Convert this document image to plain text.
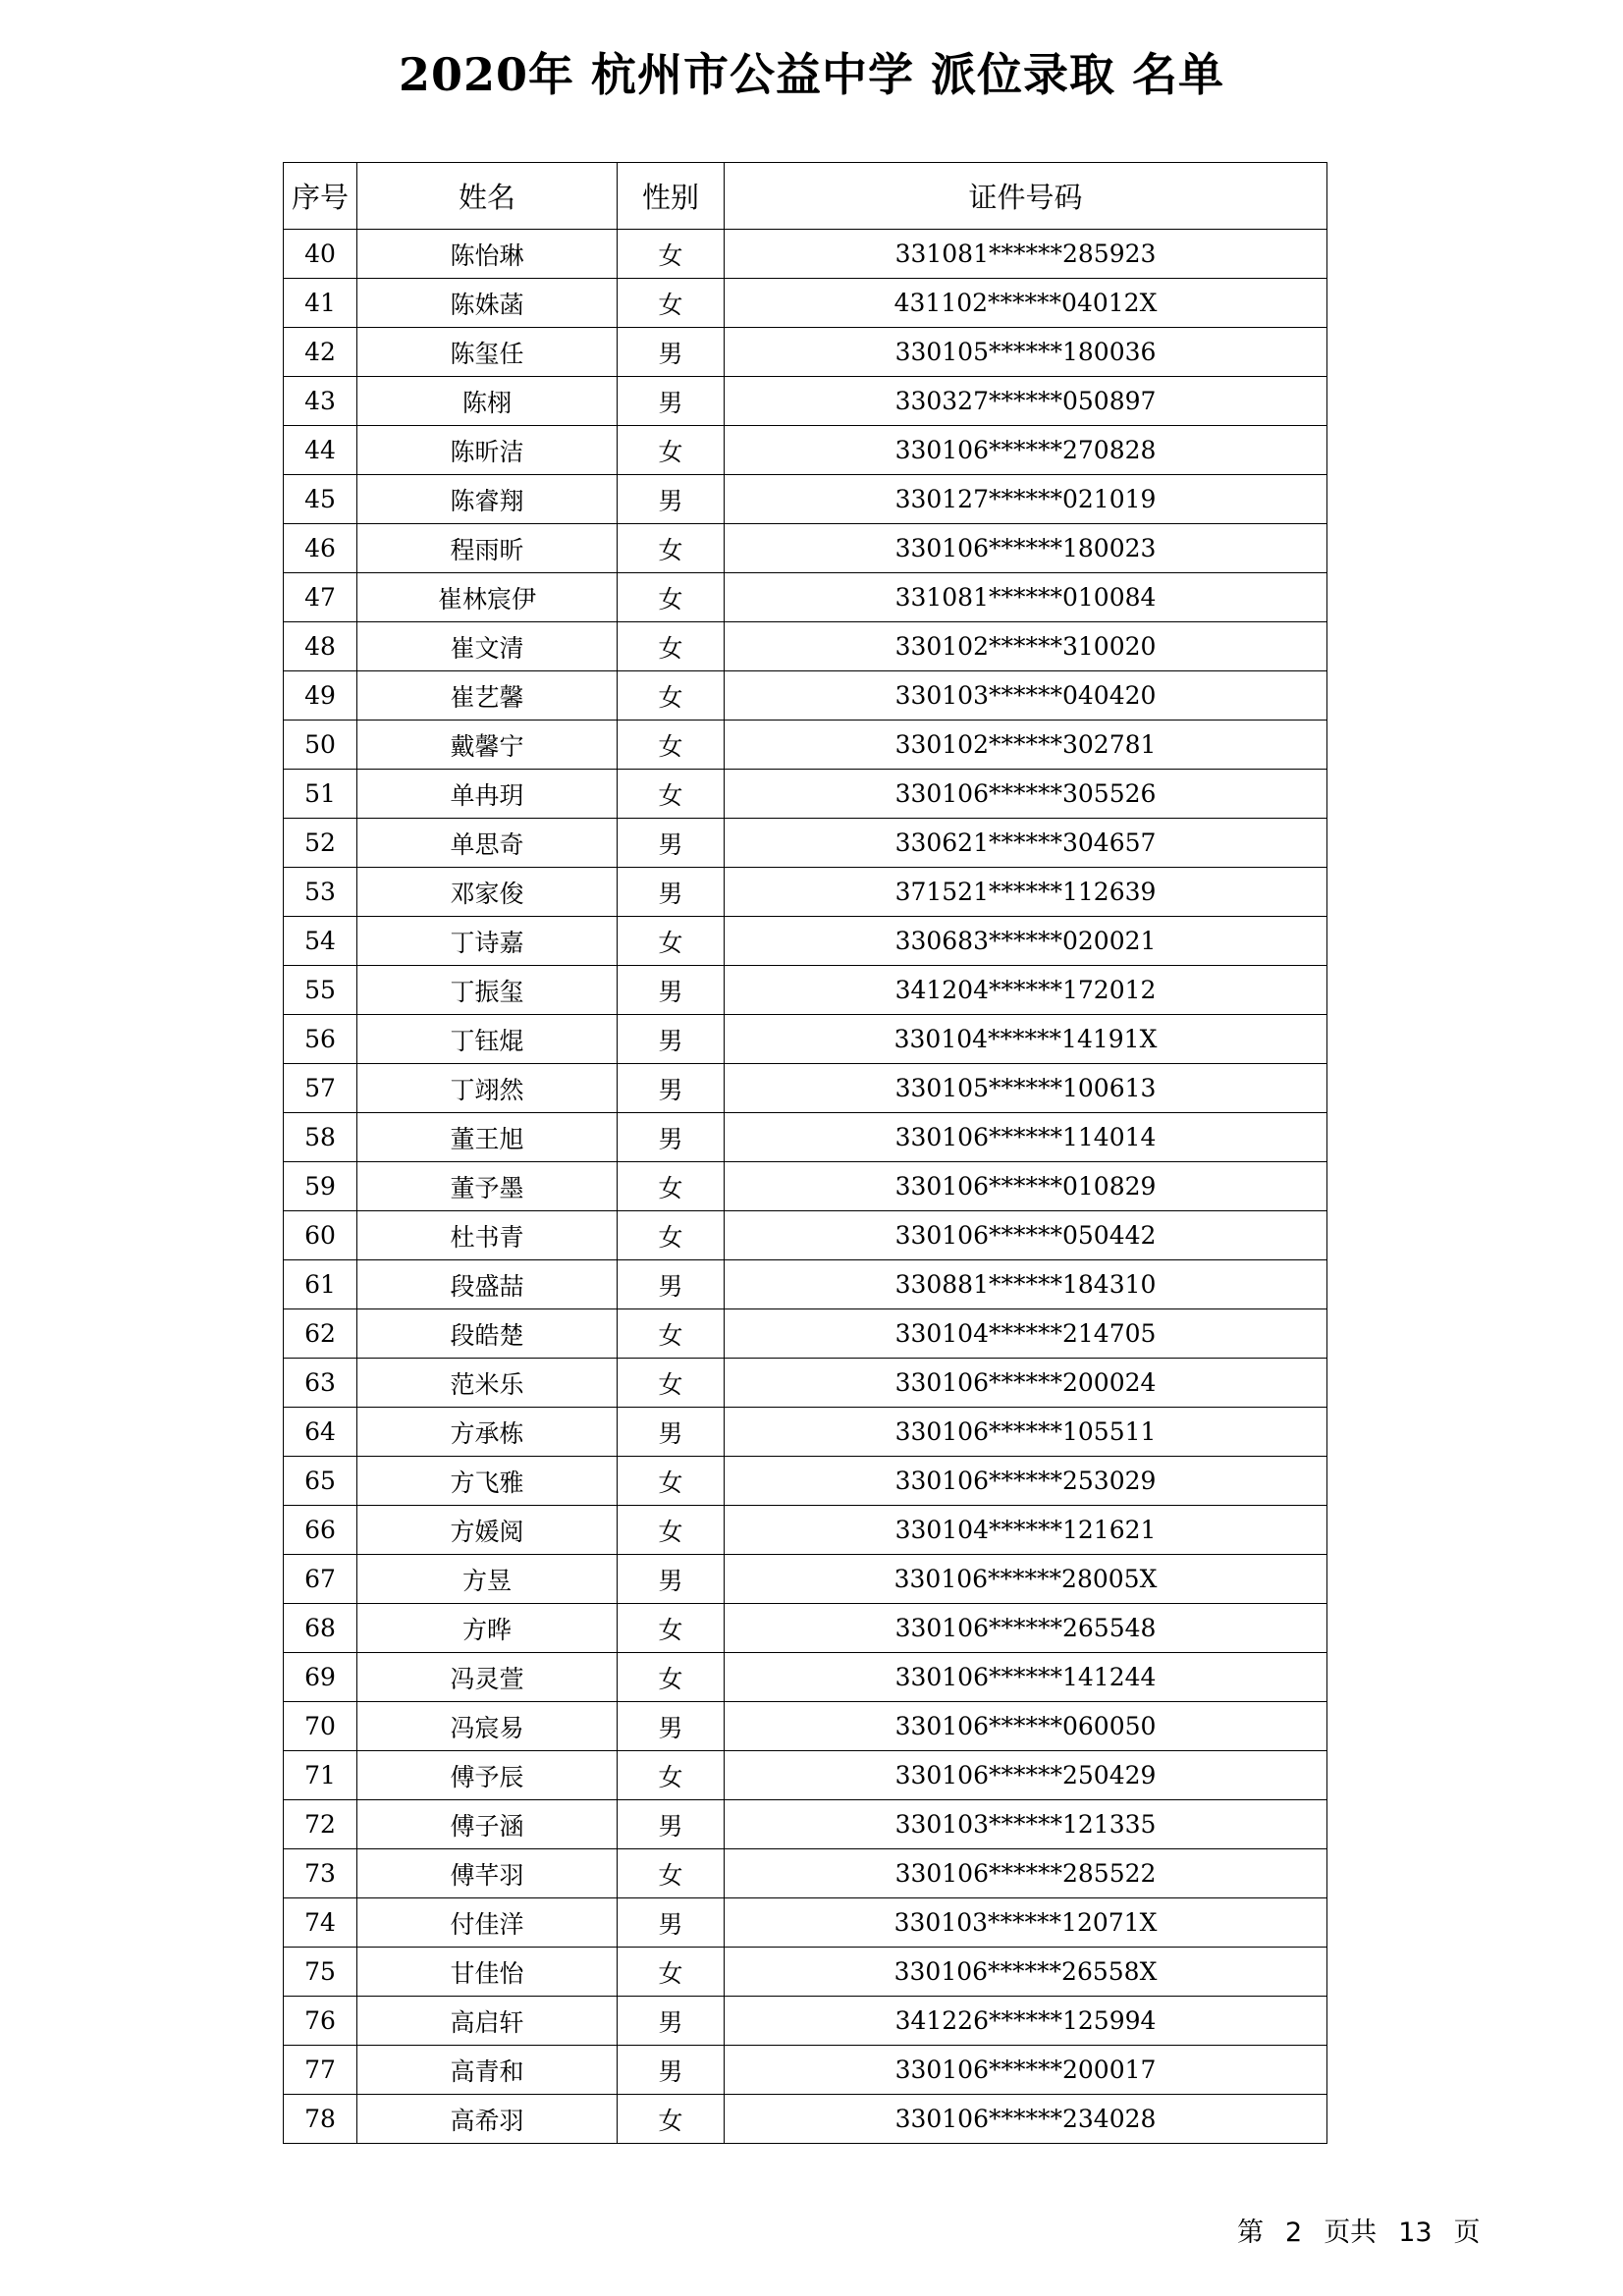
2020年 杭州市公益中学 派位录取 名单
序号	姓名	性别	证件号码
40	陈怡琳	女	331081******285923
41	陈姝菡	女	431102******04012X
42	陈玺任	男	330105******180036
43	陈栩	男	330327******050897
44	陈昕洁	女	330106******270828
45	陈睿翔	男	330127******021019
46	程雨昕	女	330106******180023
47	崔林宸伊	女	331081******010084
48	崔文清	女	330102******310020
49	崔艺馨	女	330103******040420
50	戴馨宁	女	330102******302781
51	单冉玥	女	330106******305526
52	单思奇	男	330621******304657
53	邓家俊	男	371521******112639
54	丁诗嘉	女	330683******020021
55	丁振玺	男	341204******172012
56	丁钰焜	男	330104******14191X
57	丁翊然	男	330105******100613
58	董王旭	男	330106******114014
59	董予墨	女	330106******010829
60	杜书青	女	330106******050442
61	段盛喆	男	330881******184310
62	段皓楚	女	330104******214705
63	范米乐	女	330106******200024
64	方承栋	男	330106******105511
65	方飞雅	女	330106******253029
66	方媛阅	女	330104******121621
67	方昱	男	330106******28005X
68	方晔	女	330106******265548
69	冯灵萱	女	330106******141244
70	冯宸易	男	330106******060050
71	傅予辰	女	330106******250429
72	傅子涵	男	330103******121335
73	傅芊羽	女	330106******285522
74	付佳洋	男	330103******12071X
75	甘佳怡	女	330106******26558X
76	高启轩	男	341226******125994
77	高青和	男	330106******200017
78	高希羽	女	330106******234028
第 2 页共 13 页
